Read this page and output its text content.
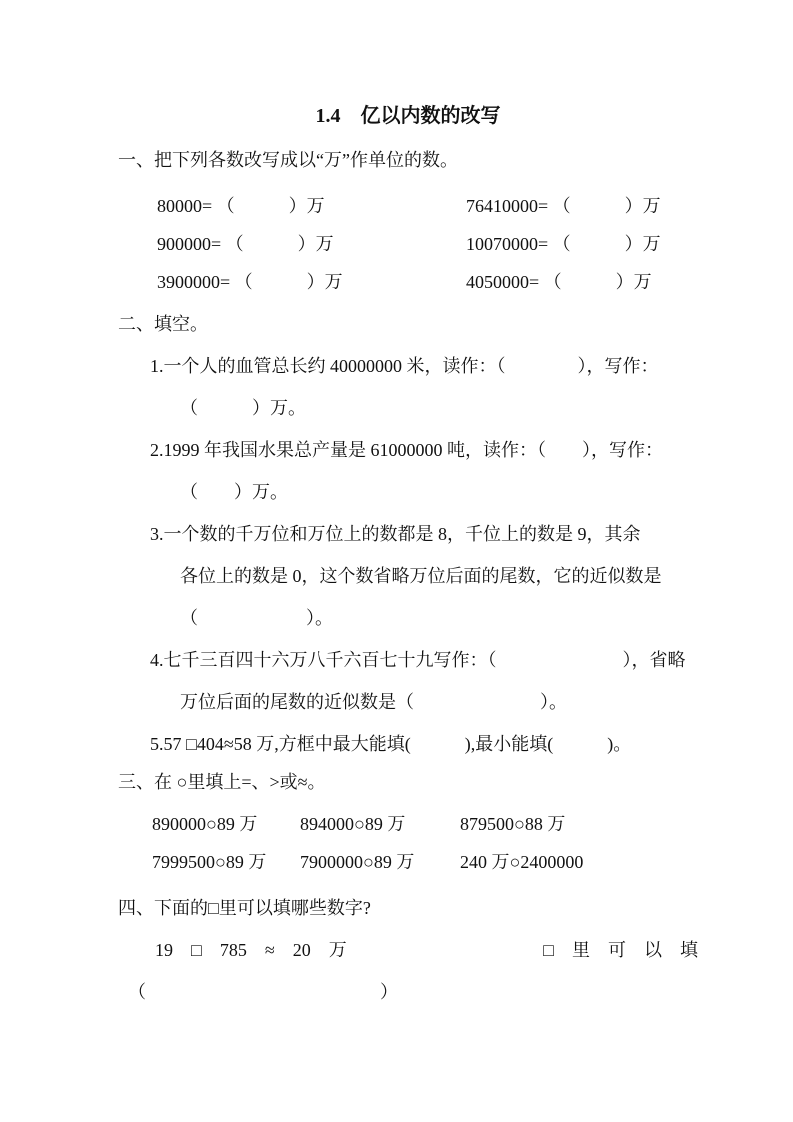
1.4　亿以内数的改写
一、把下列各数改写成以“万”作单位的数。
80000= （　　　）万	76410000= （　　　）万
900000= （　　　）万	10070000= （　　　）万
3900000= （　　　）万	4050000= （　　　）万
二、填空。
1.一个人的血管总长约 40000000 米，读作：（　　　　），写作：
（　　　）万。
2.1999 年我国水果总产量是 61000000 吨，读作：（　　），写作：
（　　）万。
3.一个数的千万位和万位上的数都是 8，千位上的数是 9，其余
各位上的数是 0，这个数省略万位后面的尾数，它的近似数是
（　　　　　　）。
4.七千三百四十六万八千六百七十九写作：（　　　　　　　），省略
万位后面的尾数的近似数是（　　　　　　　）。
5.57 □404≈58 万,方框中最大能填(　　　),最小能填(　　　)。
三、在 ○里填上=、>或≈。
890000○89 万	894000○89 万	879500○88 万
7999500○89 万	7900000○89 万	240 万○2400000
四、下面的□里可以填哪些数字?
19　□　785　≈　20　万	□　里　可　以　填
（　　　　　　　　　　　　　）
